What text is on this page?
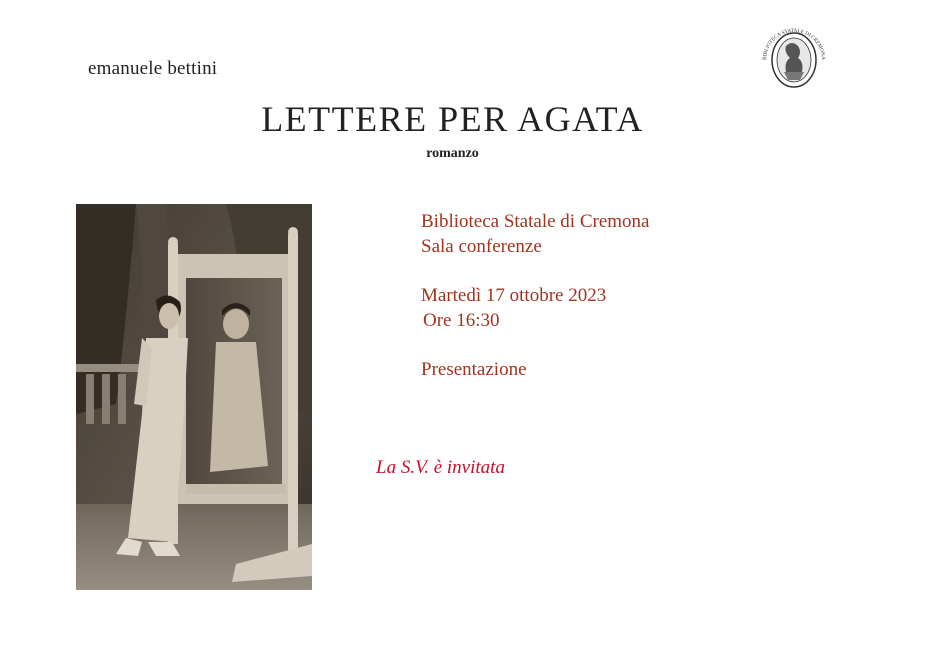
emanuele bettini
LETTERE PER AGATA
romanzo
BIBLIOTECA STATALE DI CREMONA
Biblioteca Statale di Cremona
Sala conferenze
Martedì 17 ottobre 2023
Ore 16:30
Presentazione
La S.V. è invitata
